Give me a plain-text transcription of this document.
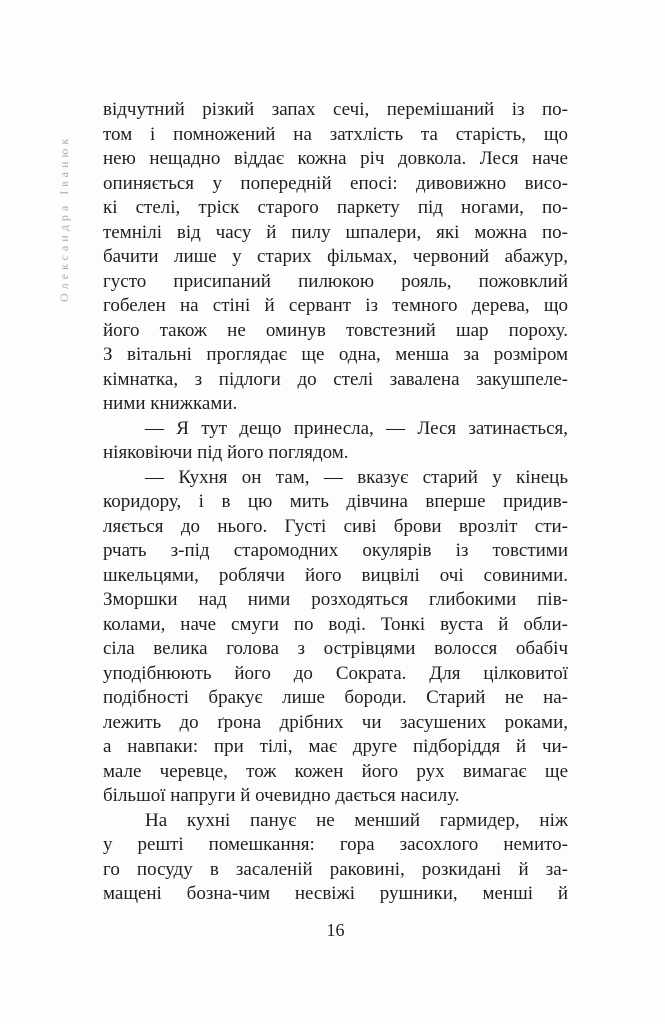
Олександра Іванюк
відчутний різкий запах сечі, перемішаний із по-
том і помножений на затхлість та старість, що
нею нещадно віддає кожна річ довкола. Леся наче
опиняється у попередній епосі: дивовижно висо-
кі стелі, тріск старого паркету під ногами, по-
темнілі від часу й пилу шпалери, які можна по-
бачити лише у старих фільмах, червоний абажур,
густо присипаний пилюкою рояль, пожовклий
гобелен на стіні й сервант із темного дерева, що
його також не оминув товстезний шар пороху.
З вітальні проглядає ще одна, менша за розміром
кімнатка, з підлоги до стелі завалена закушпеле-
ними книжками.
— Я тут дещо принесла, — Леся затинається,
ніяковіючи під його поглядом.
— Кухня он там, — вказує старий у кінець
коридору, і в цю мить дівчина вперше придив-
ляється до нього. Густі сиві брови врозліт сти-
рчать з-під старомодних окулярів із товстими
шкельцями, роблячи його вицвілі очі совиними.
Зморшки над ними розходяться глибокими пів-
колами, наче смуги по воді. Тонкі вуста й обли-
сіла велика голова з острівцями волосся обабіч
уподібнюють його до Сократа. Для цілковитої
подібності бракує лише бороди. Старий не на-
лежить до ґрона дрібних чи засушених роками,
а навпаки: при тілі, має друге підборіддя й чи-
мале черевце, тож кожен його рух вимагає ще
більшої напруги й очевидно дається насилу.
На кухні панує не менший гармидер, ніж
у решті помешкання: гора засохлого немито-
го посуду в засаленій раковині, розкидані й за-
мащені бозна-чим несвіжі рушники, менші й
16
